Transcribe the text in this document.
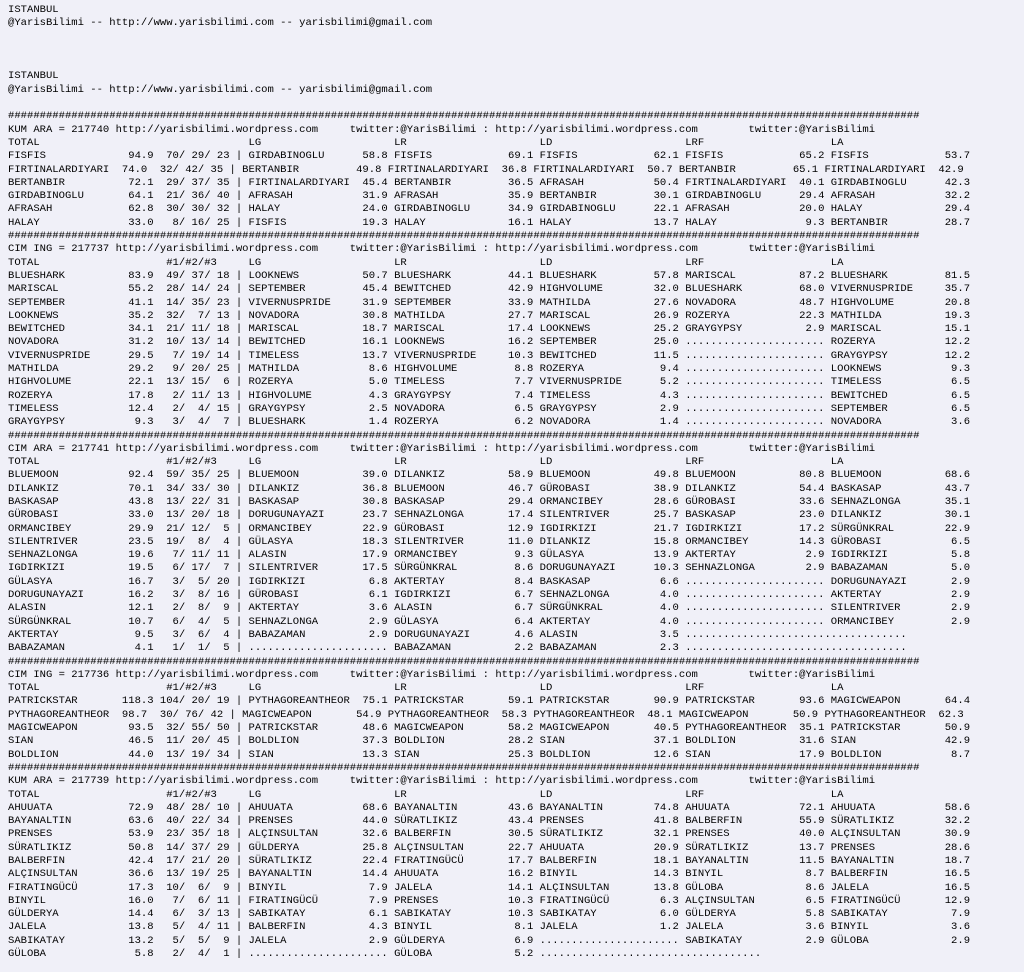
ISTANBUL
@YarisBilimi -- http://www.yarisbilimi.com -- yarisbilimi@gmail.com

ISTANBUL
@YarisBilimi -- http://www.yarisbilimi.com -- yarisbilimi@gmail.com

################################################################################################################################################
KUM ARA = 217740 http://yarisbilimi.wordpress.com     twitter:@YarisBilimi : http://yarisbilimi.wordpress.com        twitter:@YarisBilimi
TOTAL                                 LG                     LR                     LD                     LRF                    LA
FISFIS             94.9  70/ 29/ 23 | GIRDABINOGLU      58.8 FISFIS            69.1 FISFIS            62.1 FISFIS            65.2 FISFIS            53.7
FIRTINALARDIYARI  74.0  32/ 42/ 35 | BERTANBIR         49.8 FIRTINALARDIYARI  36.8 FIRTINALARDIYARI  50.7 BERTANBIR         65.1 FIRTINALARDIYARI  42.9
BERTANBIR          72.1  29/ 37/ 35 | FIRTINALARDIYARI  45.4 BERTANBIR         36.5 AFRASAH           50.4 FIRTINALARDIYARI  40.1 GIRDABINOGLU      42.3
GIRDABINOGLU       64.1  21/ 36/ 40 | AFRASAH           31.9 AFRASAH           35.9 BERTANBIR         30.1 GIRDABINOGLU      29.4 AFRASAH           32.2
AFRASAH            62.8  30/ 30/ 32 | HALAY             24.0 GIRDABINOGLU      34.9 GIRDABINOGLU      22.1 AFRASAH           20.0 HALAY             29.4
HALAY              33.0   8/ 16/ 25 | FISFIS            19.3 HALAY             16.1 HALAY             13.7 HALAY              9.3 BERTANBIR         28.7
################################################################################################################################################
CIM ING = 217737 http://yarisbilimi.wordpress.com     twitter:@YarisBilimi : http://yarisbilimi.wordpress.com        twitter:@YarisBilimi
TOTAL                    #1/#2/#3     LG                     LR                     LD                     LRF                    LA
BLUESHARK          83.9  49/ 37/ 18 | LOOKNEWS          50.7 BLUESHARK         44.1 BLUESHARK         57.8 MARISCAL          87.2 BLUESHARK         81.5
MARISCAL           55.2  28/ 14/ 24 | SEPTEMBER         45.4 BEWITCHED         42.9 HIGHVOLUME        32.0 BLUESHARK         68.0 VIVERNUSPRIDE     35.7
SEPTEMBER          41.1  14/ 35/ 23 | VIVERNUSPRIDE     31.9 SEPTEMBER         33.9 MATHILDA          27.6 NOVADORA          48.7 HIGHVOLUME        20.8
LOOKNEWS           35.2  32/  7/ 13 | NOVADORA          30.8 MATHILDA          27.7 MARISCAL          26.9 ROZERYA           22.3 MATHILDA          19.3
BEWITCHED          34.1  21/ 11/ 18 | MARISCAL          18.7 MARISCAL          17.4 LOOKNEWS          25.2 GRAYGYPSY          2.9 MARISCAL          15.1
NOVADORA           31.2  10/ 13/ 14 | BEWITCHED         16.1 LOOKNEWS          16.2 SEPTEMBER         25.0 ...................... ROZERYA           12.2
VIVERNUSPRIDE      29.5   7/ 19/ 14 | TIMELESS          13.7 VIVERNUSPRIDE     10.3 BEWITCHED         11.5 ...................... GRAYGYPSY         12.2
MATHILDA           29.2   9/ 20/ 25 | MATHILDA           8.6 HIGHVOLUME         8.8 ROZERYA            9.4 ...................... LOOKNEWS           9.3
HIGHVOLUME         22.1  13/ 15/  6 | ROZERYA            5.0 TIMELESS           7.7 VIVERNUSPRIDE      5.2 ...................... TIMELESS           6.5
ROZERYA            17.8   2/ 11/ 13 | HIGHVOLUME         4.3 GRAYGYPSY          7.4 TIMELESS           4.3 ...................... BEWITCHED          6.5
TIMELESS           12.4   2/  4/ 15 | GRAYGYPSY          2.5 NOVADORA           6.5 GRAYGYPSY          2.9 ...................... SEPTEMBER          6.5
GRAYGYPSY           9.3   3/  4/  7 | BLUESHARK          1.4 ROZERYA            6.2 NOVADORA           1.4 ...................... NOVADORA           3.6
################################################################################################################################################
CIM ARA = 217741 http://yarisbilimi.wordpress.com     twitter:@YarisBilimi : http://yarisbilimi.wordpress.com        twitter:@YarisBilimi
TOTAL                    #1/#2/#3     LG                     LR                     LD                     LRF                    LA
BLUEMOON           92.4  59/ 35/ 25 | BLUEMOON          39.0 DILANKIZ          58.9 BLUEMOON          49.8 BLUEMOON          80.8 BLUEMOON          68.6
DILANKIZ           70.1  34/ 33/ 30 | DILANKIZ          36.8 BLUEMOON          46.7 GÜROBASI          38.9 DILANKIZ          54.4 BASKASAP          43.7
BASKASAP           43.8  13/ 22/ 31 | BASKASAP          30.8 BASKASAP          29.4 ORMANCIBEY        28.6 GÜROBASI          33.6 SEHNAZLONGA       35.1
GÜROBASI           33.0  13/ 20/ 18 | DORUGUNAYAZI      23.7 SEHNAZLONGA       17.4 SILENTRIVER       25.7 BASKASAP          23.0 DILANKIZ          30.1
ORMANCIBEY         29.9  21/ 12/  5 | ORMANCIBEY        22.9 GÜROBASI          12.9 IGDIRKIZI         21.7 IGDIRKIZI         17.2 SÜRGÜNKRAL        22.9
SILENTRIVER        23.5  19/  8/  4 | GÜLASYA           18.3 SILENTRIVER       11.0 DILANKIZ          15.8 ORMANCIBEY        14.3 GÜROBASI           6.5
SEHNAZLONGA        19.6   7/ 11/ 11 | ALASIN            17.9 ORMANCIBEY         9.3 GÜLASYA           13.9 AKTERTAY           2.9 IGDIRKIZI          5.8
IGDIRKIZI          19.5   6/ 17/  7 | SILENTRIVER       17.5 SÜRGÜNKRAL         8.6 DORUGUNAYAZI      10.3 SEHNAZLONGA        2.9 BABAZAMAN          5.0
GÜLASYA            16.7   3/  5/ 20 | IGDIRKIZI          6.8 AKTERTAY           8.4 BASKASAP           6.6 ...................... DORUGUNAYAZI       2.9
DORUGUNAYAZI       16.2   3/  8/ 16 | GÜROBASI           6.1 IGDIRKIZI          6.7 SEHNAZLONGA        4.0 ...................... AKTERTAY           2.9
ALASIN             12.1   2/  8/  9 | AKTERTAY           3.6 ALASIN             6.7 SÜRGÜNKRAL         4.0 ...................... SILENTRIVER        2.9
SÜRGÜNKRAL         10.7   6/  4/  5 | SEHNAZLONGA        2.9 GÜLASYA            6.4 AKTERTAY           4.0 ...................... ORMANCIBEY         2.9
AKTERTAY            9.5   3/  6/  4 | BABAZAMAN          2.9 DORUGUNAYAZI       4.6 ALASIN             3.5 ...................................
BABAZAMAN           4.1   1/  1/  5 | ...................... BABAZAMAN          2.2 BABAZAMAN          2.3 ...................................
################################################################################################################################################
CIM ING = 217736 http://yarisbilimi.wordpress.com     twitter:@YarisBilimi : http://yarisbilimi.wordpress.com        twitter:@YarisBilimi
TOTAL                    #1/#2/#3     LG                     LR                     LD                     LRF                    LA
PATRICKSTAR       118.3 104/ 20/ 19 | PYTHAGOREANTHEOR  75.1 PATRICKSTAR       59.1 PATRICKSTAR       90.9 PATRICKSTAR       93.6 MAGICWEAPON       64.4
PYTHAGOREANTHEOR  98.7  30/ 76/ 42 | MAGICWEAPON       54.9 PYTHAGOREANTHEOR  58.3 PYTHAGOREANTHEOR  48.1 MAGICWEAPON       50.9 PYTHAGOREANTHEOR  62.3
MAGICWEAPON        93.5  32/ 55/ 50 | PATRICKSTAR       48.6 MAGICWEAPON       58.2 MAGICWEAPON       40.5 PYTHAGOREANTHEOR  35.1 PATRICKSTAR       50.9
SIAN               46.5  11/ 20/ 45 | BOLDLION          37.3 BOLDLION          28.2 SIAN              37.1 BOLDLION          31.6 SIAN              42.9
BOLDLION           44.0  13/ 19/ 34 | SIAN              13.3 SIAN              25.3 BOLDLION          12.6 SIAN              17.9 BOLDLION           8.7
################################################################################################################################################
KUM ARA = 217739 http://yarisbilimi.wordpress.com     twitter:@YarisBilimi : http://yarisbilimi.wordpress.com        twitter:@YarisBilimi
TOTAL                    #1/#2/#3     LG                     LR                     LD                     LRF                    LA
AHUUATA            72.9  48/ 28/ 10 | AHUUATA           68.6 BAYANALTIN        43.6 BAYANALTIN        74.8 AHUUATA           72.1 AHUUATA           58.6
BAYANALTIN         63.6  40/ 22/ 34 | PRENSES           44.0 SÜRATLIKIZ        43.4 PRENSES           41.8 BALBERFIN         55.9 SÜRATLIKIZ        32.2
PRENSES            53.9  23/ 35/ 18 | ALÇINSULTAN       32.6 BALBERFIN         30.5 SÜRATLIKIZ        32.1 PRENSES           40.0 ALÇINSULTAN       30.9
SÜRATLIKIZ         50.8  14/ 37/ 29 | GÜLDERYA          25.8 ALÇINSULTAN       22.7 AHUUATA           20.9 SÜRATLIKIZ        13.7 PRENSES           28.6
BALBERFIN          42.4  17/ 21/ 20 | SÜRATLIKIZ        22.4 FIRATINGÜCÜ       17.7 BALBERFIN         18.1 BAYANALTIN        11.5 BAYANALTIN        18.7
ALÇINSULTAN        36.6  13/ 19/ 25 | BAYANALTIN        14.4 AHUUATA           16.2 BINYIL            14.3 BINYIL             8.7 BALBERFIN         16.5
FIRATINGÜCÜ        17.3  10/  6/  9 | BINYIL             7.9 JALELA            14.1 ALÇINSULTAN       13.8 GÜLOBA             8.6 JALELA            16.5
BINYIL             16.0   7/  6/ 11 | FIRATINGÜCÜ        7.9 PRENSES           10.3 FIRATINGÜCÜ        6.3 ALÇINSULTAN        6.5 FIRATINGÜCÜ       12.9
GÜLDERYA           14.4   6/  3/ 13 | SABIKATAY          6.1 SABIKATAY         10.3 SABIKATAY          6.0 GÜLDERYA           5.8 SABIKATAY          7.9
JALELA             13.8   5/  4/ 11 | BALBERFIN          4.3 BINYIL             8.1 JALELA             1.2 JALELA             3.6 BINYIL             3.6
SABIKATAY          13.2   5/  5/  9 | JALELA             2.9 GÜLDERYA           6.9 ...................... SABIKATAY          2.9 GÜLOBA             2.9
GÜLOBA              5.8   2/  4/  1 | ...................... GÜLOBA             5.2 ...................................
